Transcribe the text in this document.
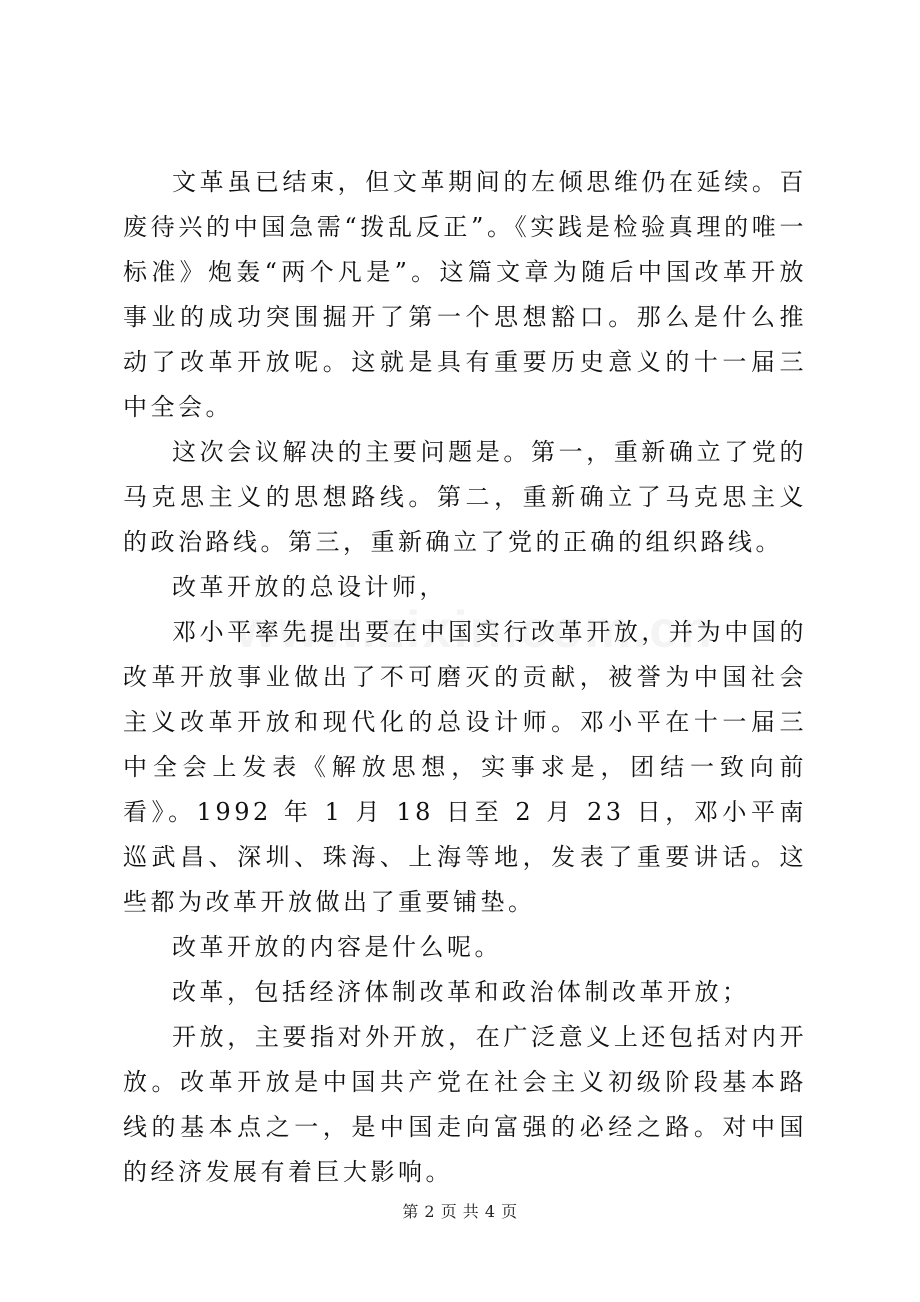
文革虽已结束，但文革期间的左倾思维仍在延续。百废待兴的中国急需“拨乱反正”。《实践是检验真理的唯一标准》炮轰“两个凡是”。这篇文章为随后中国改革开放事业的成功突围掘开了第一个思想豁口。那么是什么推动了改革开放呢。这就是具有重要历史意义的十一届三中全会。

这次会议解决的主要问题是。第一，重新确立了党的马克思主义的思想路线。第二，重新确立了马克思主义的政治路线。第三，重新确立了党的正确的组织路线。

改革开放的总设计师，

邓小平率先提出要在中国实行改革开放，并为中国的改革开放事业做出了不可磨灭的贡献，被誉为中国社会主义改革开放和现代化的总设计师。邓小平在十一届三中全会上发表《解放思想，实事求是，团结一致向前看》。1992 年 1 月 18 日至 2 月 23 日，邓小平南巡武昌、深圳、珠海、上海等地，发表了重要讲话。这些都为改革开放做出了重要铺垫。

改革开放的内容是什么呢。

改革，包括经济体制改革和政治体制改革开放；

开放，主要指对外开放，在广泛意义上还包括对内开放。改革开放是中国共产党在社会主义初级阶段基本路线的基本点之一，是中国走向富强的必经之路。对中国的经济发展有着巨大影响。

第 2 页 共 4 页
